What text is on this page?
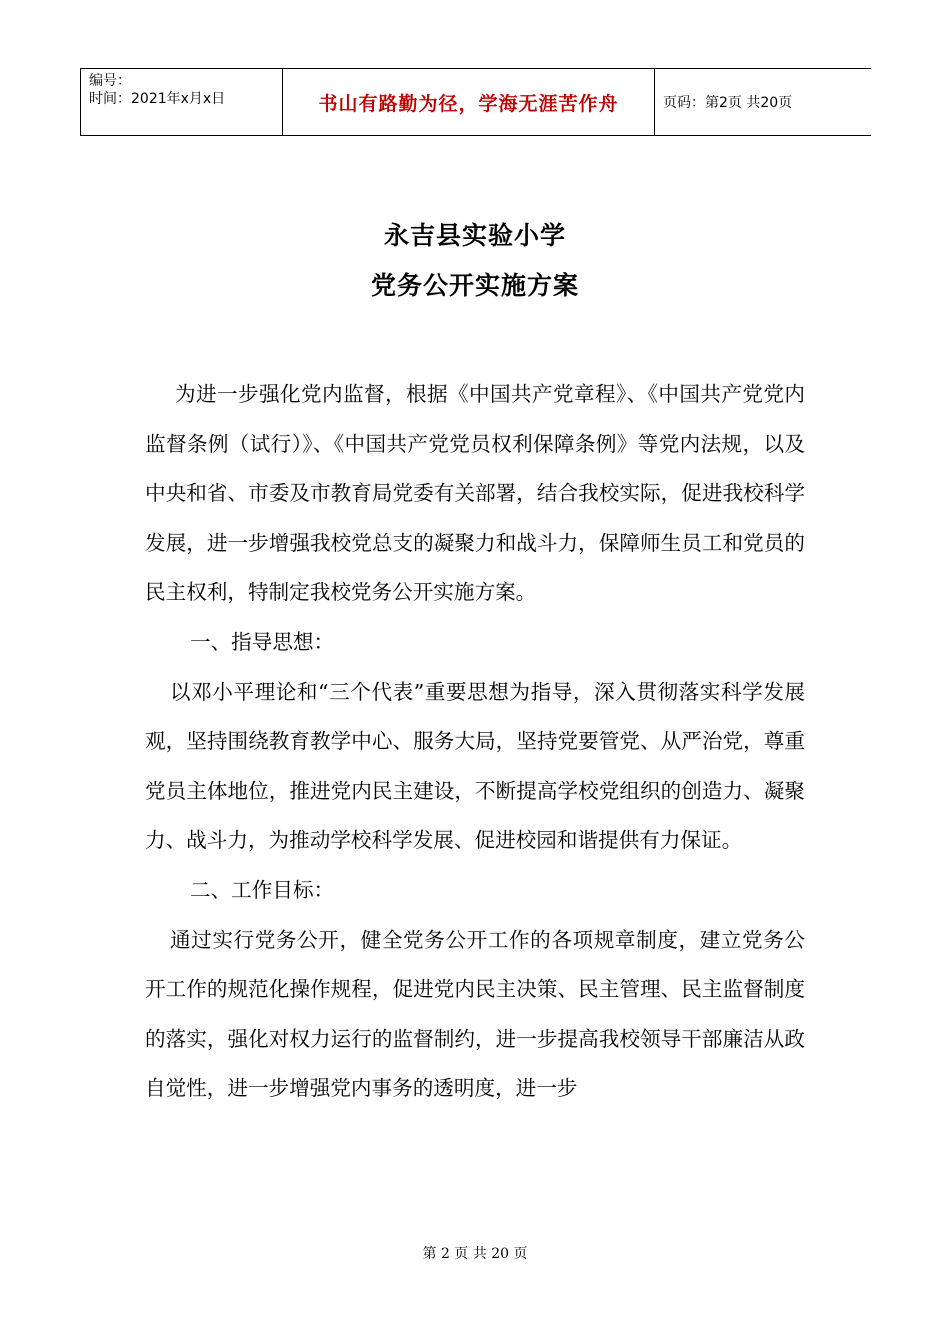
编号：
时间：2021年x月x日	书山有路勤为径，学海无涯苦作舟	页码：第2页 共20页
永吉县实验小学
党务公开实施方案

为进一步强化党内监督，根据《中国共产党章程》、《中国共产党党内监督条例（试行）》、《中国共产党党员权利保障条例》等党内法规，以及中央和省、市委及市教育局党委有关部署，结合我校实际，促进我校科学发展，进一步增强我校党总支的凝聚力和战斗力，保障师生员工和党员的民主权利，特制定我校党务公开实施方案。

一、指导思想：

以邓小平理论和“三个代表”重要思想为指导，深入贯彻落实科学发展观，坚持围绕教育教学中心、服务大局，坚持党要管党、从严治党，尊重党员主体地位，推进党内民主建设，不断提高学校党组织的创造力、凝聚力、战斗力，为推动学校科学发展、促进校园和谐提供有力保证。

二、工作目标：

通过实行党务公开，健全党务公开工作的各项规章制度，建立党务公开工作的规范化操作规程，促进党内民主决策、民主管理、民主监督制度的落实，强化对权力运行的监督制约，进一步提高我校领导干部廉洁从政自觉性，进一步增强党内事务的透明度，进一步

第 2 页 共 20 页
